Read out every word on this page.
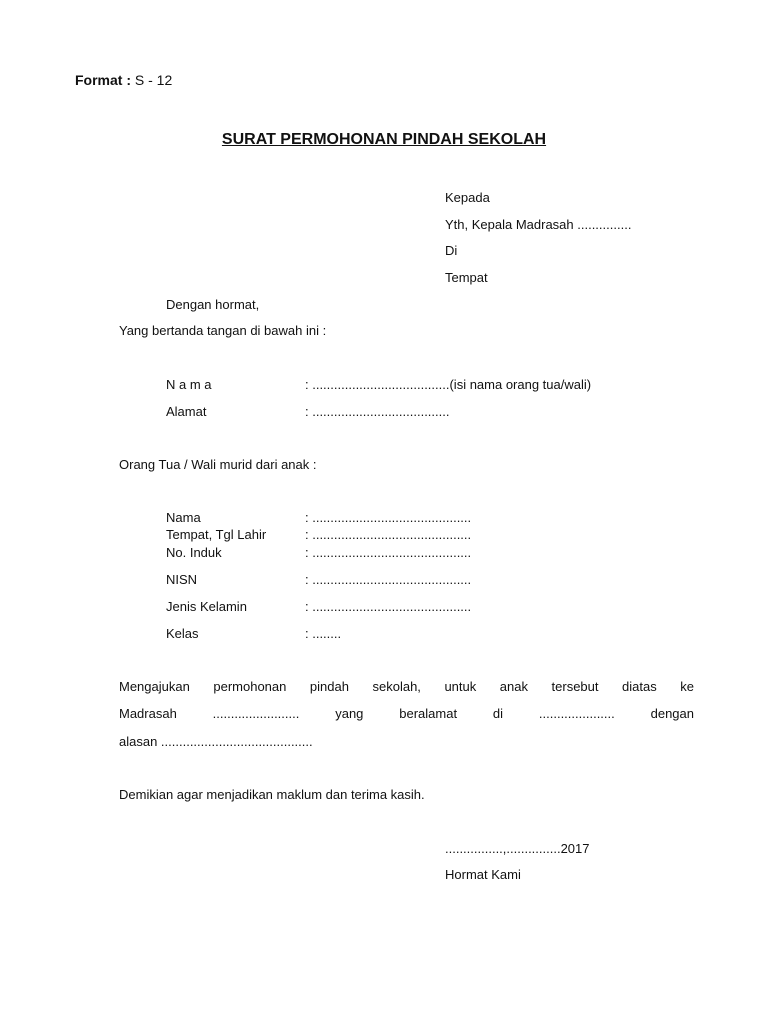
Format : S - 12
SURAT PERMOHONAN PINDAH SEKOLAH
Kepada
Yth, Kepala Madrasah ...............
Di
Tempat
Dengan hormat,
Yang bertanda tangan di bawah ini :
N a m a	: ......................................(isi nama orang tua/wali)
Alamat	: ......................................
Orang Tua / Wali murid dari anak :
Nama	: ............................................
Tempat, Tgl Lahir	: ............................................
No. Induk	: ............................................
NISN	: ............................................
Jenis Kelamin	: ............................................
Kelas	: ........
Mengajukan permohonan pindah sekolah, untuk anak tersebut diatas ke
Madrasah ........................ yang beralamat di ..................... dengan
alasan ..........................................
Demikian agar menjadikan maklum dan terima kasih.
................,...............2017
Hormat Kami
